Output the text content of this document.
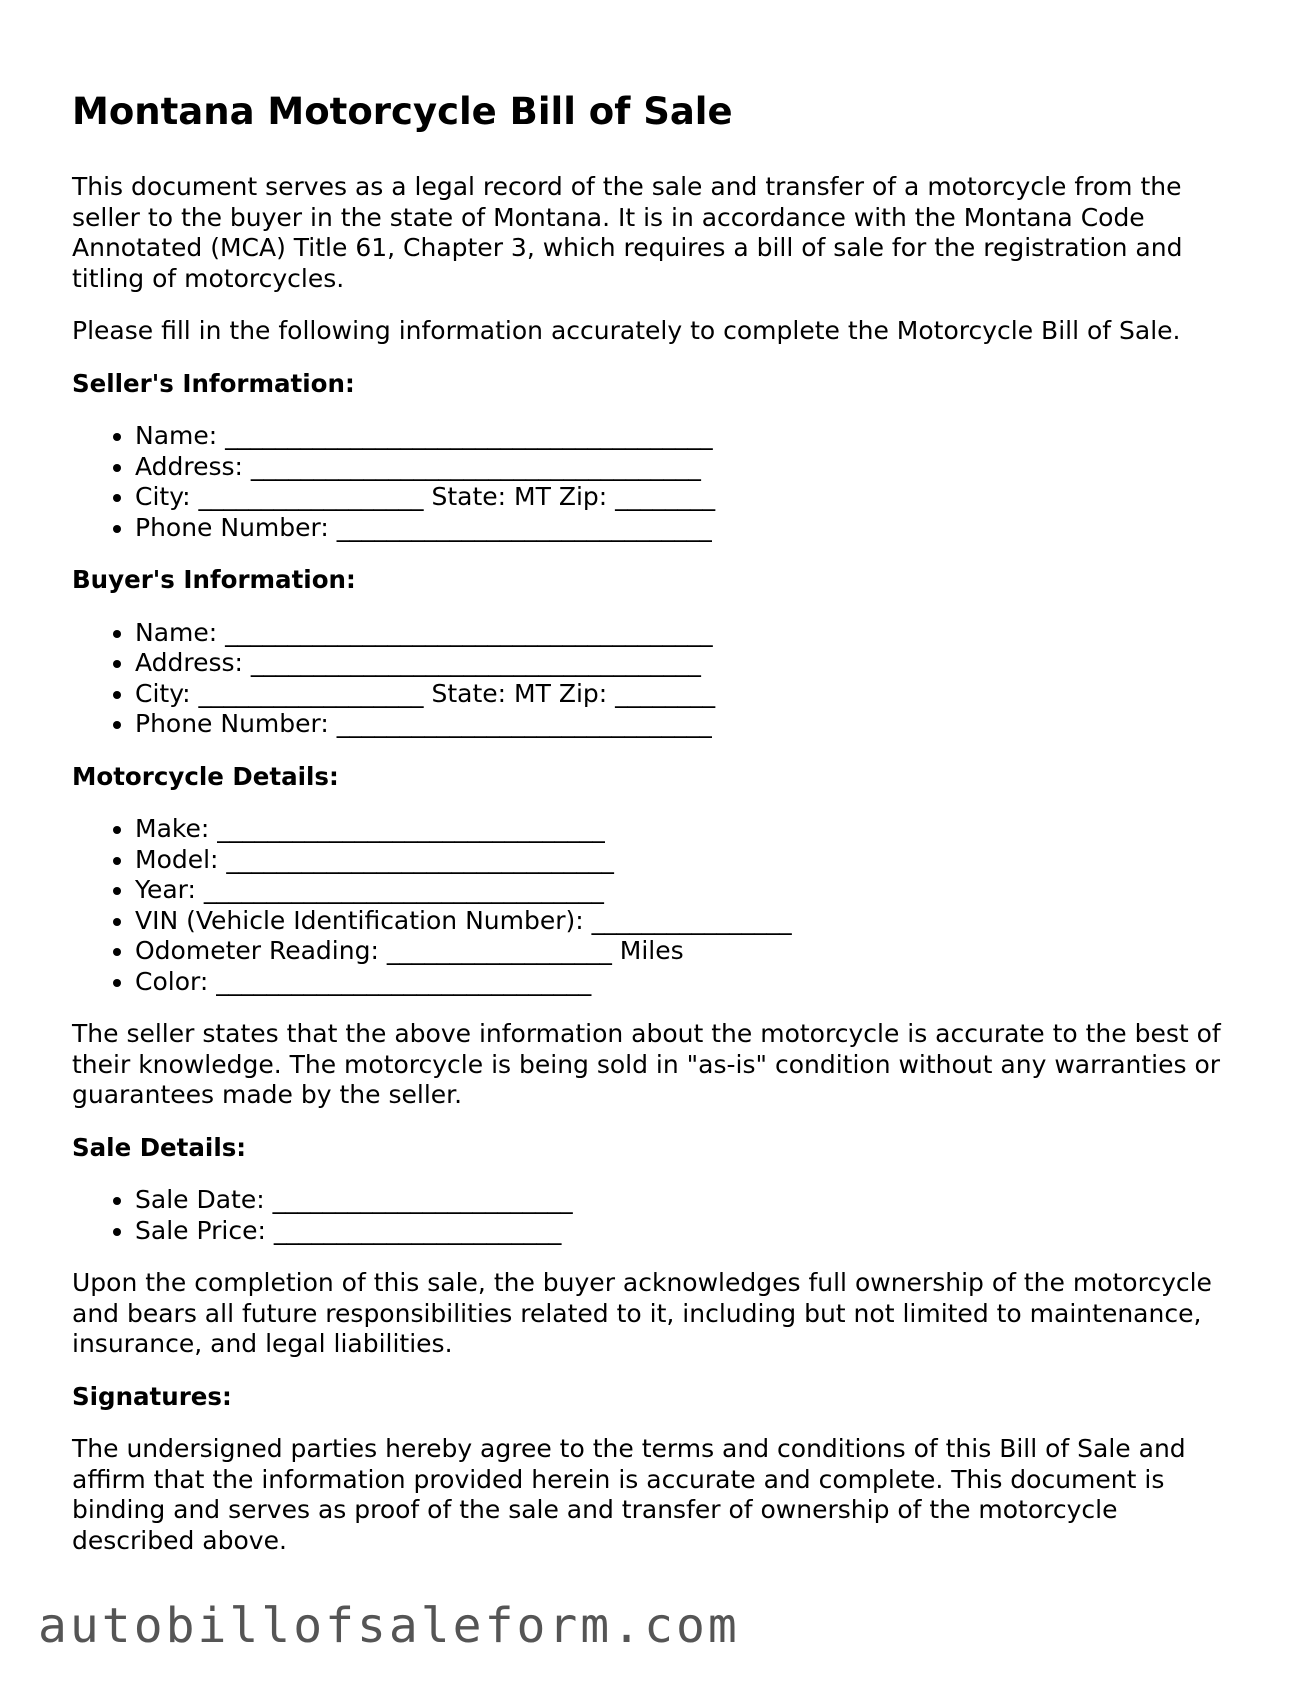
Montana Motorcycle Bill of Sale

This document serves as a legal record of the sale and transfer of a motorcycle from the seller to the buyer in the state of Montana. It is in accordance with the Montana Code Annotated (MCA) Title 61, Chapter 3, which requires a bill of sale for the registration and titling of motorcycles.

Please fill in the following information accurately to complete the Motorcycle Bill of Sale.

Seller's Information:
• Name: _______________________________________
• Address: ____________________________________
• City: __________________ State: MT Zip: ________
• Phone Number: ______________________________
Buyer's Information:
• Name: _______________________________________
• Address: ____________________________________
• City: __________________ State: MT Zip: ________
• Phone Number: ______________________________
Motorcycle Details:
• Make: _______________________________
• Model: _______________________________
• Year: ________________________________
• VIN (Vehicle Identification Number): ________________
• Odometer Reading: __________________ Miles
• Color: ______________________________

The seller states that the above information about the motorcycle is accurate to the best of their knowledge. The motorcycle is being sold in "as-is" condition without any warranties or guarantees made by the seller.

Sale Details:
• Sale Date: ________________________
• Sale Price: _______________________

Upon the completion of this sale, the buyer acknowledges full ownership of the motorcycle and bears all future responsibilities related to it, including but not limited to maintenance, insurance, and legal liabilities.

Signatures:

The undersigned parties hereby agree to the terms and conditions of this Bill of Sale and affirm that the information provided herein is accurate and complete. This document is binding and serves as proof of the sale and transfer of ownership of the motorcycle described above.

autobillofsaleform.com
